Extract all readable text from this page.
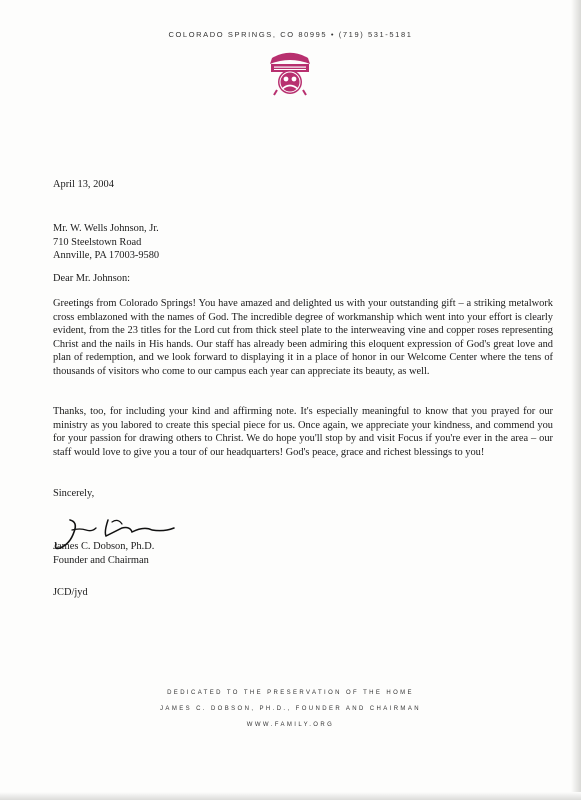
COLORADO SPRINGS, CO 80995 • (719) 531-5181
April 13, 2004
Mr. W. Wells Johnson, Jr.
710 Steelstown Road
Annville, PA 17003-9580
Dear Mr. Johnson:
Greetings from Colorado Springs! You have amazed and delighted us with your outstanding gift – a striking metalwork cross emblazoned with the names of God. The incredible degree of workmanship which went into your effort is clearly evident, from the 23 titles for the Lord cut from thick steel plate to the interweaving vine and copper roses representing Christ and the nails in His hands. Our staff has already been admiring this eloquent expression of God's great love and plan of redemption, and we look forward to displaying it in a place of honor in our Welcome Center where the tens of thousands of visitors who come to our campus each year can appreciate its beauty, as well.
Thanks, too, for including your kind and affirming note. It's especially meaningful to know that you prayed for our ministry as you labored to create this special piece for us. Once again, we appreciate your kindness, and commend you for your passion for drawing others to Christ. We do hope you'll stop by and visit Focus if you're ever in the area – our staff would love to give you a tour of our headquarters! God's peace, grace and richest blessings to you!
Sincerely,
James C. Dobson, Ph.D.
Founder and Chairman
JCD/jyd
DEDICATED TO THE PRESERVATION OF THE HOME
JAMES C. DOBSON, PH.D., FOUNDER AND CHAIRMAN
WWW.FAMILY.ORG
